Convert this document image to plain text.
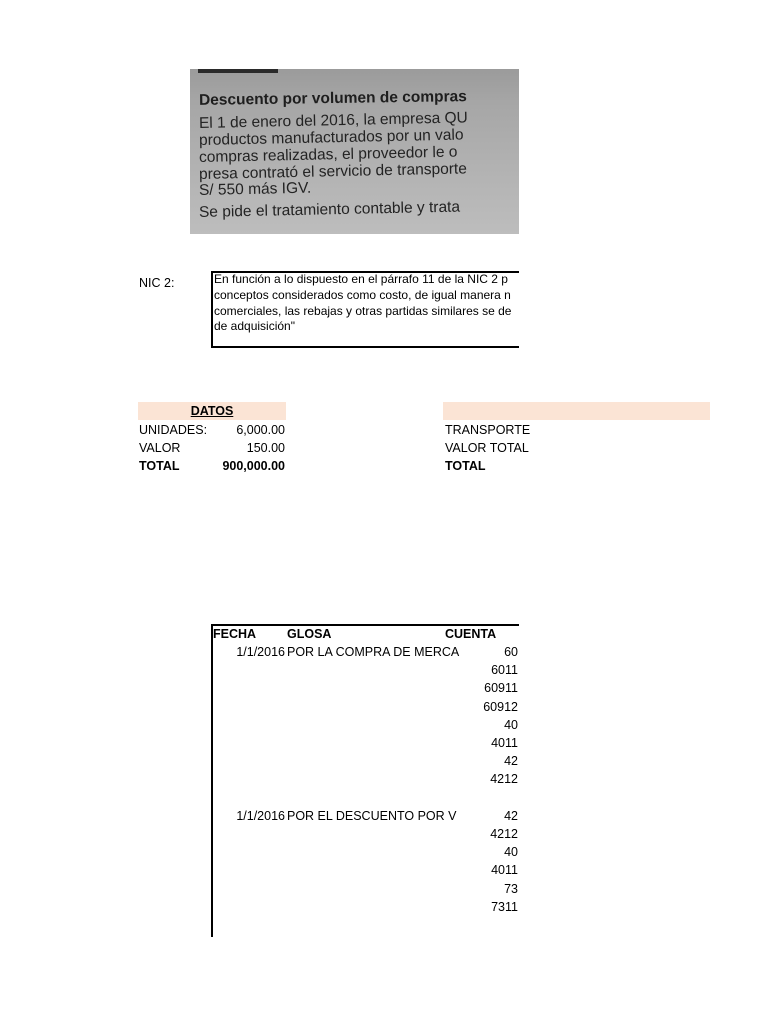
Descuento por volumen de compras
El 1 de enero del 2016, la empresa QU
productos manufacturados por un valo
compras realizadas, el proveedor le o
presa contrató el servicio de transporte
S/ 550 más IGV.
Se pide el tratamiento contable y trata
NIC 2:	En función a lo dispuesto en el párrafo 11 de la NIC 2 p
conceptos considerados como costo, de igual manera n
comerciales, las rebajas y otras partidas similares se de
de adquisición"
DATOS
UNIDADES: 6,000.00
VALOR	150.00
TOTAL	900,000.00
TRANSPORTE
VALOR TOTAL
TOTAL
FECHA GLOSA	CUENTA
1/1/2016 POR LA COMPRA DE MERCA	60
6011
60911
60912
40
4011
42
4212
1/1/2016 POR EL DESCUENTO POR V	42
4212
40
4011
73
7311
